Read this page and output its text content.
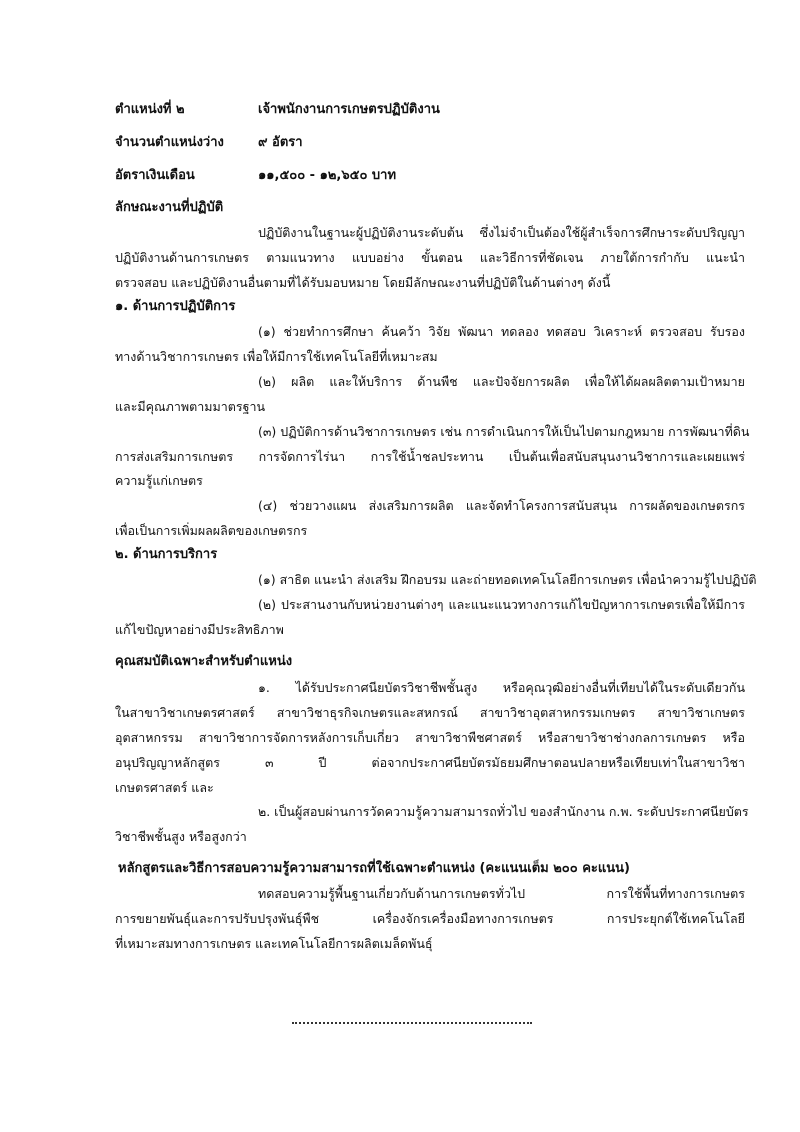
ตำแหน่งที่ ๒	เจ้าพนักงานการเกษตรปฏิบัติงาน
จำนวนตำแหน่งว่าง	๙ อัตรา
อัตราเงินเดือน	๑๑,๕๐๐ - ๑๒,๖๕๐ บาท
ลักษณะงานที่ปฏิบัติ
ปฏิบัติงานในฐานะผู้ปฏิบัติงานระดับต้น ซึ่งไม่จำเป็นต้องใช้ผู้สำเร็จการศึกษาระดับปริญญา
ปฏิบัติงานด้านการเกษตร ตามแนวทาง แบบอย่าง ขั้นตอน และวิธีการที่ชัดเจน ภายใต้การกำกับ แนะนำ
ตรวจสอบ และปฏิบัติงานอื่นตามที่ได้รับมอบหมาย โดยมีลักษณะงานที่ปฏิบัติในด้านต่างๆ ดังนี้
๑. ด้านการปฏิบัติการ
(๑) ช่วยทำการศึกษา ค้นคว้า วิจัย พัฒนา ทดลอง ทดสอบ วิเคราะห์ ตรวจสอบ รับรอง
ทางด้านวิชาการเกษตร เพื่อให้มีการใช้เทคโนโลยีที่เหมาะสม
(๒) ผลิต และให้บริการ ด้านพืช และปัจจัยการผลิต เพื่อให้ได้ผลผลิตตามเป้าหมาย
และมีคุณภาพตามมาตรฐาน
(๓) ปฏิบัติการด้านวิชาการเกษตร เช่น การดำเนินการให้เป็นไปตามกฎหมาย การพัฒนาที่ดิน
การส่งเสริมการเกษตร การจัดการไร่นา การใช้น้ำชลประทาน เป็นต้นเพื่อสนับสนุนงานวิชาการและเผยแพร่
ความรู้แก่เกษตร
(๔) ช่วยวางแผน ส่งเสริมการผลิต และจัดทำโครงการสนับสนุน การผลัดของเกษตรกร
เพื่อเป็นการเพิ่มผลผลิตของเกษตรกร
๒. ด้านการบริการ
(๑) สาธิต แนะนำ ส่งเสริม ฝึกอบรม และถ่ายทอดเทคโนโลยีการเกษตร เพื่อนำความรู้ไปปฏิบัติ
(๒) ประสานงานกับหน่วยงานต่างๆ และแนะแนวทางการแก้ไขปัญหาการเกษตรเพื่อให้มีการ
แก้ไขปัญหาอย่างมีประสิทธิภาพ
คุณสมบัติเฉพาะสำหรับตำแหน่ง
๑. ได้รับประกาศนียบัตรวิชาชีพชั้นสูง หรือคุณวุฒิอย่างอื่นที่เทียบได้ในระดับเดียวกัน
ในสาขาวิชาเกษตรศาสตร์ สาขาวิชาธุรกิจเกษตรและสหกรณ์ สาขาวิชาอุตสาหกรรมเกษตร สาขาวิชาเกษตร
อุตสาหกรรม สาขาวิชาการจัดการหลังการเก็บเกี่ยว สาขาวิชาพืชศาสตร์ หรือสาขาวิชาช่างกลการเกษตร หรือ
อนุปริญญาหลักสูตร ๓ ปี ต่อจากประกาศนียบัตรมัธยมศึกษาตอนปลายหรือเทียบเท่าในสาขาวิชา
เกษตรศาสตร์ และ
๒. เป็นผู้สอบผ่านการวัดความรู้ความสามารถทั่วไป ของสำนักงาน ก.พ. ระดับประกาศนียบัตร
วิชาชีพชั้นสูง หรือสูงกว่า
หลักสูตรและวิธีการสอบความรู้ความสามารถที่ใช้เฉพาะตำแหน่ง (คะแนนเต็ม ๒๐๐ คะแนน)
ทดสอบความรู้พื้นฐานเกี่ยวกับด้านการเกษตรทั่วไป การใช้พื้นที่ทางการเกษตร
การขยายพันธุ์และการปรับปรุงพันธุ์พืช เครื่องจักรเครื่องมือทางการเกษตร การประยุกต์ใช้เทคโนโลยี
ที่เหมาะสมทางการเกษตร และเทคโนโลยีการผลิตเมล็ดพันธุ์
